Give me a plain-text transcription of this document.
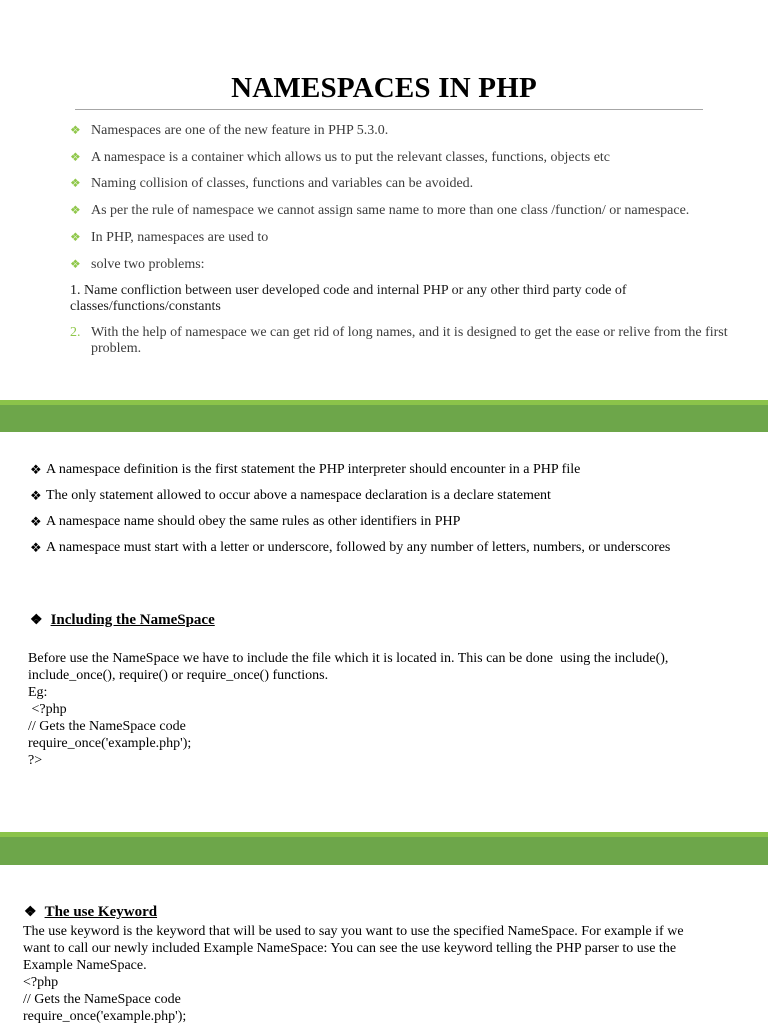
NAMESPACES IN PHP
❖ Namespaces are one of the new feature in PHP 5.3.0.
❖ A namespace is a container which allows us to put the relevant classes, functions, objects etc
❖ Naming collision of classes, functions and variables can be avoided.
❖ As per the rule of namespace we cannot assign same name to more than one class /function/ or namespace.
❖ In PHP, namespaces are used to
❖ solve two problems:
1. Name confliction between user developed code and internal PHP or any other third party code of classes/functions/constants
2. With the help of namespace we can get rid of long names, and it is designed to get the ease or relive from the first problem.
❖ A namespace definition is the first statement the PHP interpreter should encounter in a PHP file
❖ The only statement allowed to occur above a namespace declaration is a declare statement
❖ A namespace name should obey the same rules as other identifiers in PHP
❖ A namespace must start with a letter or underscore, followed by any number of letters, numbers, or underscores
❖ Including the NameSpace
Before use the NameSpace we have to include the file which it is located in. This can be done  using the include(),
include_once(), require() or require_once() functions.
Eg:
<?php
// Gets the NameSpace code
require_once('example.php');
?>
❖ The use Keyword
The use keyword is the keyword that will be used to say you want to use the specified NameSpace. For example if we
want to call our newly included Example NameSpace: You can see the use keyword telling the PHP parser to use the
Example NameSpace.
<?php
// Gets the NameSpace code
require_once('example.php');
